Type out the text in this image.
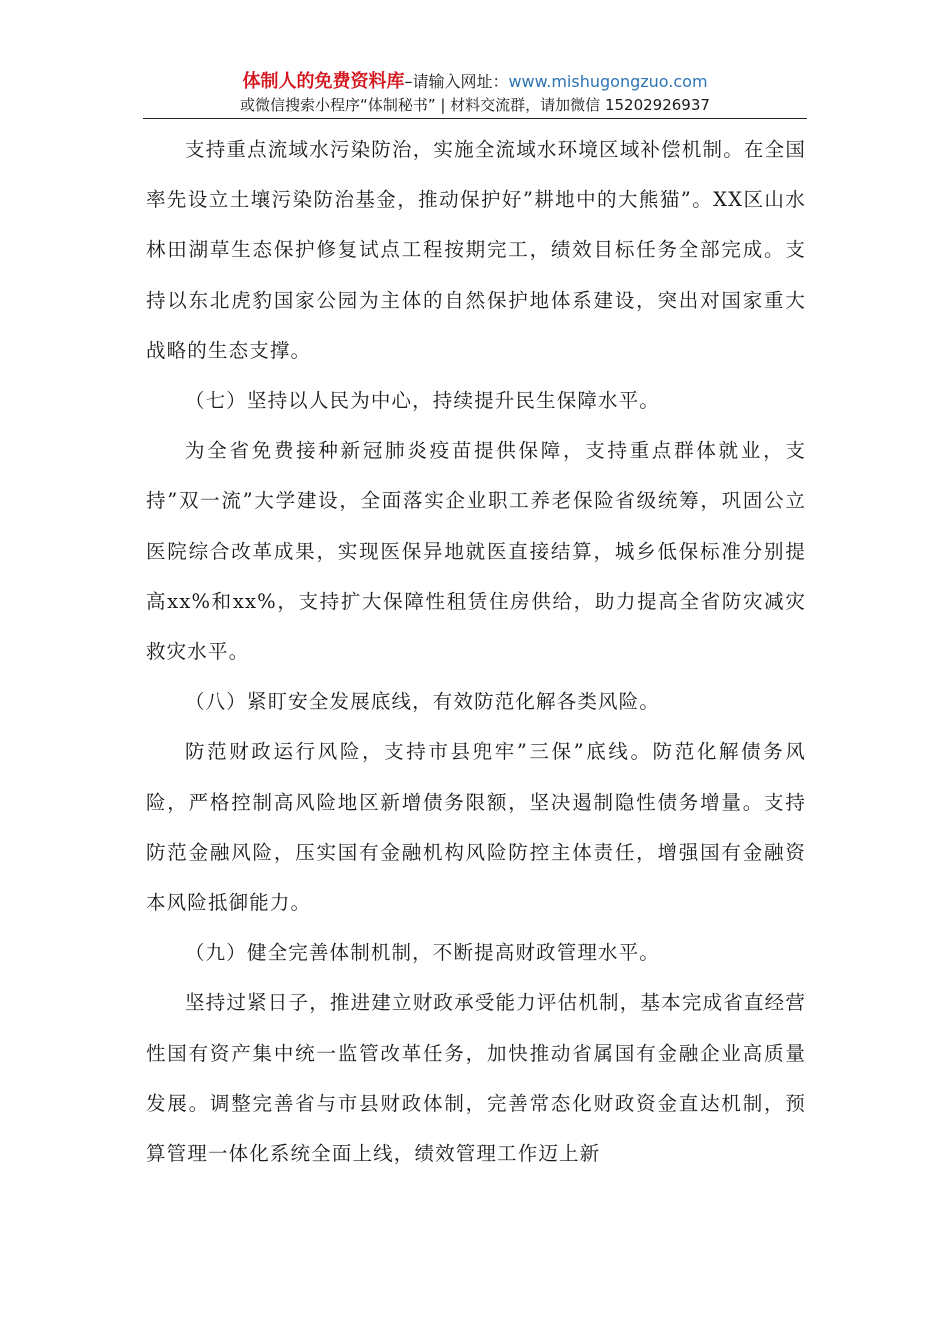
体制人的免费资料库–请输入网址：www.mishugongzuo.com
或微信搜索小程序“体制秘书” | 材料交流群，请加微信 15202926937

支持重点流域水污染防治，实施全流域水环境区域补偿机制。在全国率先设立土壤污染防治基金，推动保护好”耕地中的大熊猫”。XX区山水林田湖草生态保护修复试点工程按期完工，绩效目标任务全部完成。支持以东北虎豹国家公园为主体的自然保护地体系建设，突出对国家重大战略的生态支撑。

（七）坚持以人民为中心，持续提升民生保障水平。

为全省免费接种新冠肺炎疫苗提供保障，支持重点群体就业，支持”双一流”大学建设，全面落实企业职工养老保险省级统筹，巩固公立医院综合改革成果，实现医保异地就医直接结算，城乡低保标准分别提高xx%和xx%，支持扩大保障性租赁住房供给，助力提高全省防灾减灾救灾水平。

（八）紧盯安全发展底线，有效防范化解各类风险。

防范财政运行风险，支持市县兜牢”三保”底线。防范化解债务风险，严格控制高风险地区新增债务限额，坚决遏制隐性债务增量。支持防范金融风险，压实国有金融机构风险防控主体责任，增强国有金融资本风险抵御能力。

（九）健全完善体制机制，不断提高财政管理水平。

坚持过紧日子，推进建立财政承受能力评估机制，基本完成省直经营性国有资产集中统一监管改革任务，加快推动省属国有金融企业高质量发展。调整完善省与市县财政体制，完善常态化财政资金直达机制，预算管理一体化系统全面上线，绩效管理工作迈上新
